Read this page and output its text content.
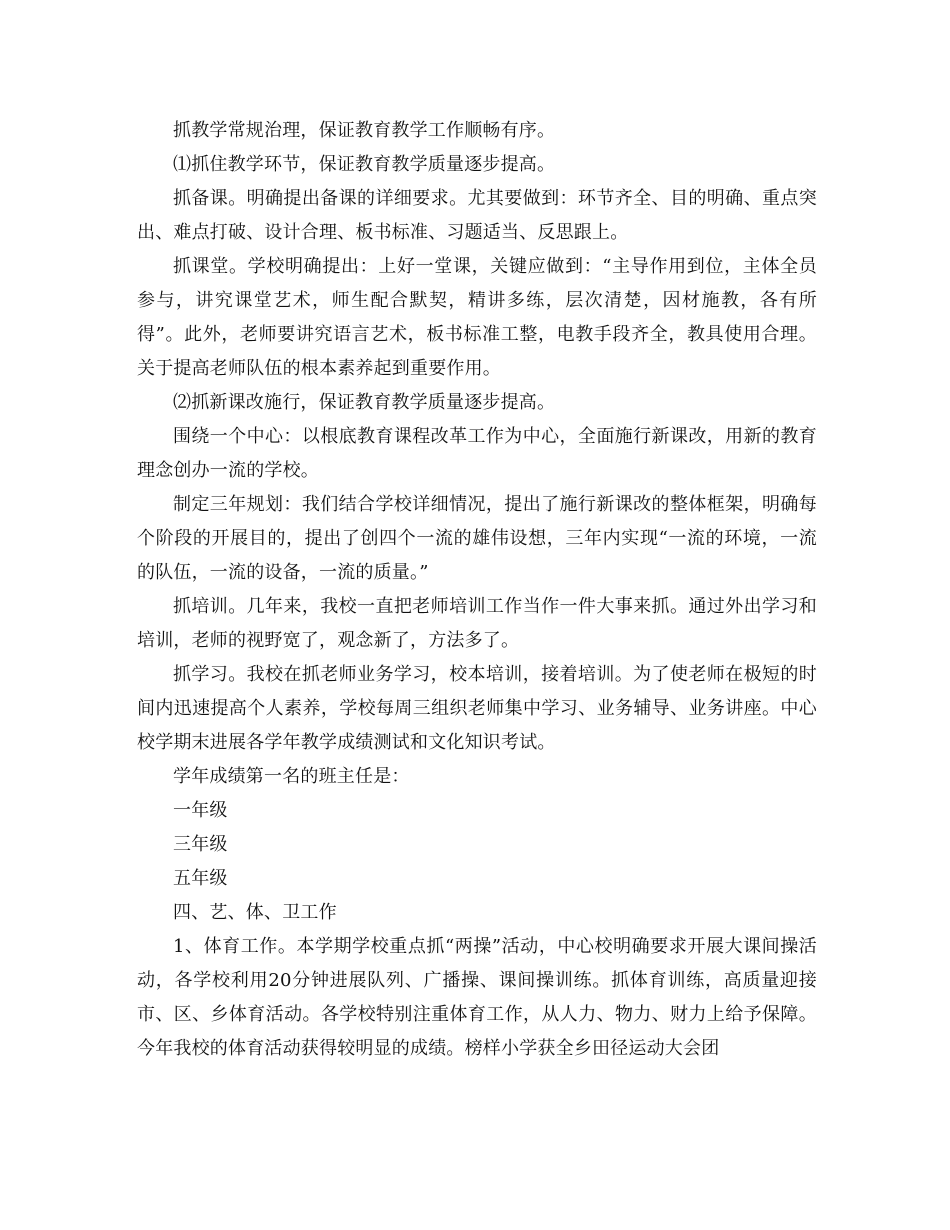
抓教学常规治理，保证教育教学工作顺畅有序。

⑴抓住教学环节，保证教育教学质量逐步提高。

抓备课。明确提出备课的详细要求。尤其要做到：环节齐全、目的明确、重点突出、难点打破、设计合理、板书标准、习题适当、反思跟上。

抓课堂。学校明确提出：上好一堂课，关键应做到：“主导作用到位，主体全员参与，讲究课堂艺术，师生配合默契，精讲多练，层次清楚，因材施教，各有所得”。此外，老师要讲究语言艺术，板书标准工整，电教手段齐全，教具使用合理。关于提高老师队伍的根本素养起到重要作用。

⑵抓新课改施行，保证教育教学质量逐步提高。

围绕一个中心：以根底教育课程改革工作为中心，全面施行新课改，用新的教育理念创办一流的学校。

制定三年规划：我们结合学校详细情况，提出了施行新课改的整体框架，明确每个阶段的开展目的，提出了创四个一流的雄伟设想，三年内实现“一流的环境，一流的队伍，一流的设备，一流的质量。”

抓培训。几年来，我校一直把老师培训工作当作一件大事来抓。通过外出学习和培训，老师的视野宽了，观念新了，方法多了。

抓学习。我校在抓老师业务学习，校本培训，接着培训。为了使老师在极短的时间内迅速提高个人素养，学校每周三组织老师集中学习、业务辅导、业务讲座。中心校学期末进展各学年教学成绩测试和文化知识考试。

学年成绩第一名的班主任是：

一年级

三年级

五年级

四、艺、体、卫工作

1、体育工作。本学期学校重点抓“两操”活动，中心校明确要求开展大课间操活动，各学校利用20分钟进展队列、广播操、课间操训练。抓体育训练，高质量迎接市、区、乡体育活动。各学校特别注重体育工作，从人力、物力、财力上给予保障。今年我校的体育活动获得较明显的成绩。榜样小学获全乡田径运动大会团
